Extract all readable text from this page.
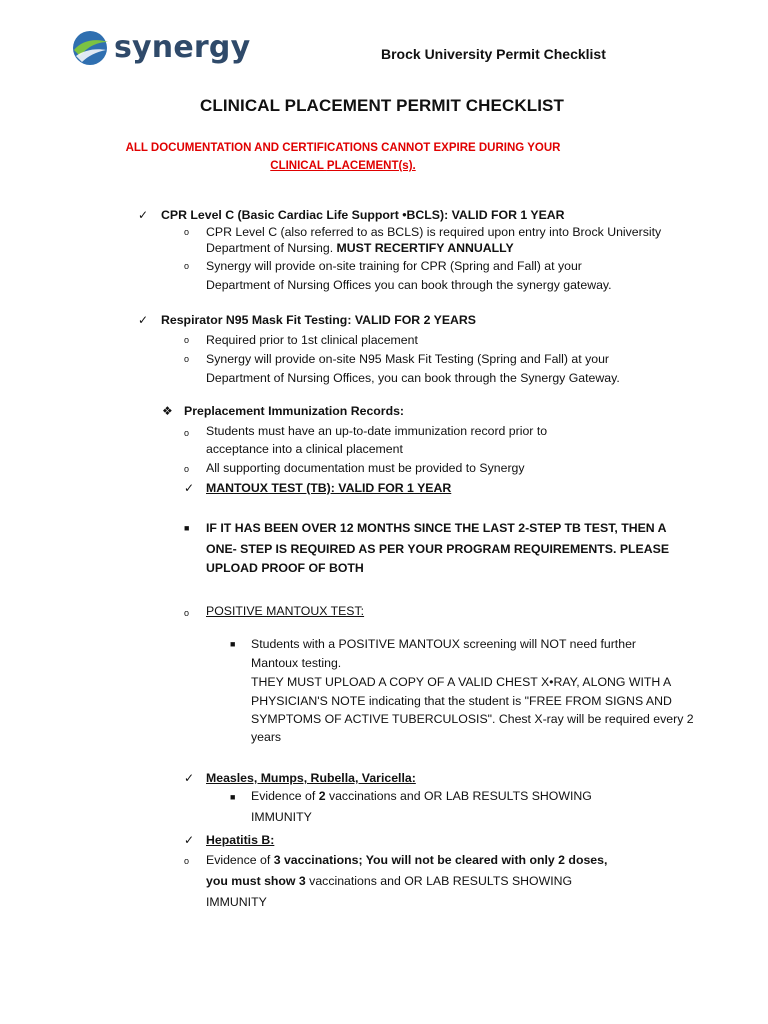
synergy	Brock University Permit Checklist
CLINICAL PLACEMENT PERMIT CHECKLIST
ALL DOCUMENTATION AND CERTIFICATIONS CANNOT EXPIRE DURING YOUR
CLINICAL PLACEMENT(s).
✓ CPR Level C (Basic Cardiac Life Support •BCLS): VALID FOR 1 YEAR
o CPR Level C (also referred to as BCLS) is required upon entry into Brock University
Department of Nursing. MUST RECERTIFY ANNUALLY
o Synergy will provide on-site training for CPR (Spring and Fall) at your
Department of Nursing Offices you can book through the synergy gateway.
✓ Respirator N95 Mask Fit Testing: VALID FOR 2 YEARS
o Required prior to 1st clinical placement
o Synergy will provide on-site N95 Mask Fit Testing (Spring and Fall) at your
Department of Nursing Offices, you can book through the Synergy Gateway.
❖ Preplacement Immunization Records:
o Students must have an up-to-date immunization record prior to
acceptance into a clinical placement
o All supporting documentation must be provided to Synergy
✓ MANTOUX TEST (TB): VALID FOR 1 YEAR
■ IF IT HAS BEEN OVER 12 MONTHS SINCE THE LAST 2-STEP TB TEST, THEN A
ONE- STEP IS REQUIRED AS PER YOUR PROGRAM REQUIREMENTS. PLEASE
UPLOAD PROOF OF BOTH
o POSITIVE MANTOUX TEST:
■ Students with a POSITIVE MANTOUX screening will NOT need further
Mantoux testing.
THEY MUST UPLOAD A COPY OF A VALID CHEST X•RAY, ALONG WITH A
PHYSICIAN'S NOTE indicating that the student is "FREE FROM SIGNS AND
SYMPTOMS OF ACTIVE TUBERCULOSIS". Chest X-ray will be required every 2
years
✓ Measles, Mumps, Rubella, Varicella:
■ Evidence of 2 vaccinations and OR LAB RESULTS SHOWING
IMMUNITY
✓ Hepatitis B:
o Evidence of 3 vaccinations; You will not be cleared with only 2 doses,
you must show 3 vaccinations and OR LAB RESULTS SHOWING
IMMUNITY
